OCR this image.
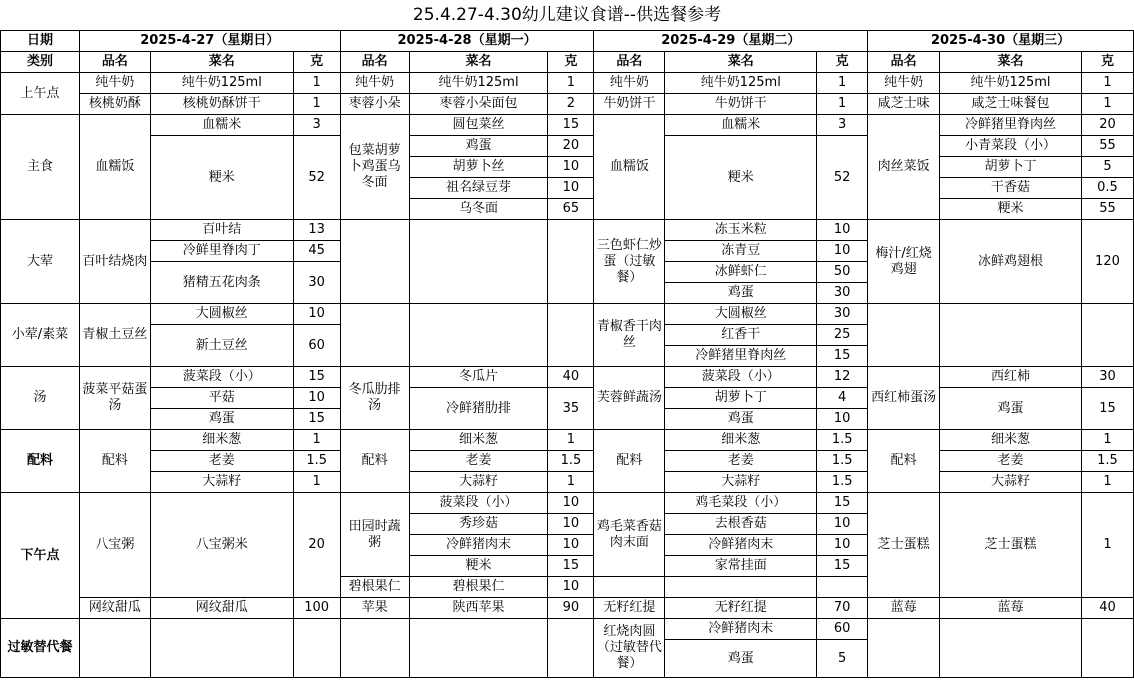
25.4.27-4.30幼儿建议食谱--供选餐参考
日期	2025-4-27（星期日）			2025-4-28（星期一）			2025-4-29（星期二）			2025-4-30（星期三）		
类别	品名	菜名	克	品名	菜名	克	品名	菜名	克	品名	菜名	克
上午点	纯牛奶	纯牛奶125ml	1	纯牛奶	纯牛奶125ml	1	纯牛奶	纯牛奶125ml	1	纯牛奶	纯牛奶125ml	1
	核桃奶酥	核桃奶酥饼干	1	枣蓉小朵	枣蓉小朵面包	2	牛奶饼干	牛奶饼干	1	咸芝士味	咸芝士味餐包	1
主食	血糯饭	血糯米	3	包菜胡萝卜鸡蛋乌冬面	圆包菜丝	15	血糯饭	血糯米	3	肉丝菜饭	冷鲜猪里脊肉丝	20
		粳米	52		鸡蛋	20		粳米	52		小青菜段（小）	55
					胡萝卜丝	10					胡萝卜丁	5
					祖名绿豆芽	10					干香菇	0.5
					乌冬面	65					粳米	55
大荤	百叶结烧肉	百叶结	13				三色虾仁炒蛋（过敏餐）	冻玉米粒	10	梅汁/红烧鸡翅	冰鲜鸡翅根	120
		冷鲜里脊肉丁	45					冻青豆	10			
		猪精五花肉条	30					冰鲜虾仁	50			
								鸡蛋	30			
小荤/素菜	青椒土豆丝	大圆椒丝	10				青椒香干肉丝	大圆椒丝	30			
		新土豆丝	60					红香干	25			
								冷鲜猪里脊肉丝	15			
汤	菠菜平菇蛋汤	菠菜段（小）	15	冬瓜肋排汤	冬瓜片	40	芙蓉鲜蔬汤	菠菜段（小）	12	西红柿蛋汤	西红柿	30
		平菇	10		冷鲜猪肋排	35		胡萝卜丁	4		鸡蛋	15
		鸡蛋	15					鸡蛋	10			
配料	配料	细米葱	1	配料	细米葱	1	配料	细米葱	1.5	配料	细米葱	1
		老姜	1.5		老姜	1.5		老姜	1.5		老姜	1.5
		大蒜籽	1		大蒜籽	1		大蒜籽	1.5		大蒜籽	1
下午点	八宝粥	八宝粥米	20	田园时蔬粥	菠菜段（小）	10	鸡毛菜香菇肉末面	鸡毛菜段（小）	15	芝士蛋糕	芝士蛋糕	1
					秀珍菇	10		去根香菇	10			
					冷鲜猪肉末	10		冷鲜猪肉末	10			
					粳米	15		家常挂面	15			
				碧根果仁	碧根果仁	10						
	网纹甜瓜	网纹甜瓜	100	苹果	陕西苹果	90	无籽红提	无籽红提	70	蓝莓	蓝莓	40
过敏替代餐							红烧肉圆（过敏替代餐）	冷鲜猪肉末	60			
								鸡蛋	5			
